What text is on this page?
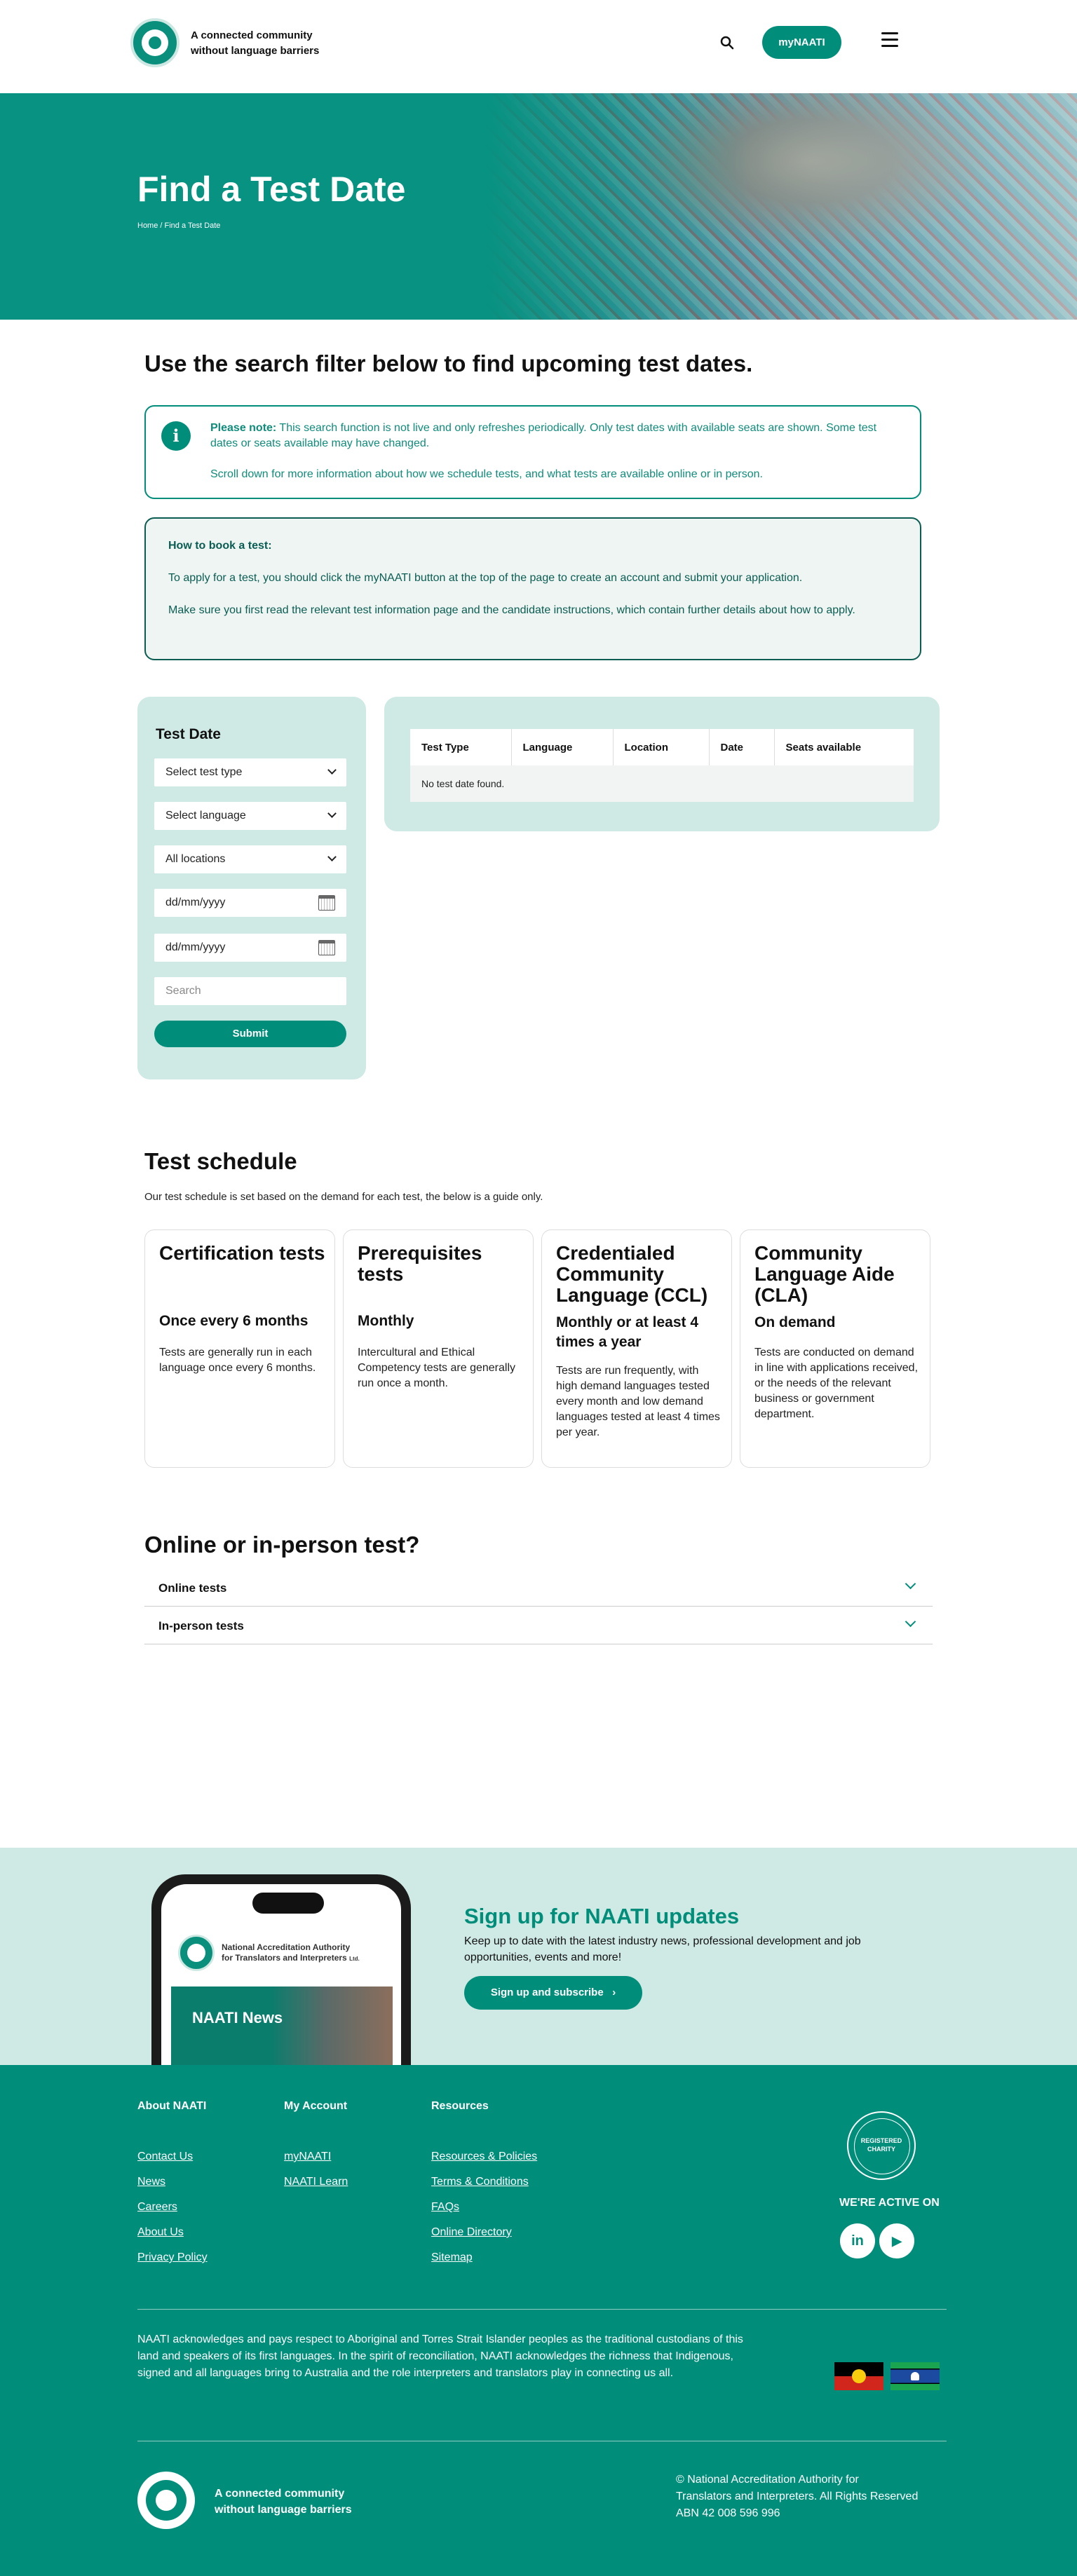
A connected community
without language barriers
myNAATI
Find a Test Date
Home / Find a Test Date
Use the search filter below to find upcoming test dates.
i	Please note: This search function is not live and only refreshes periodically. Only test dates with available seats are shown. Some test dates or seats available may have changed.
Scroll down for more information about how we schedule tests, and what tests are available online or in person.
How to book a test:
To apply for a test, you should click the myNAATI button at the top of the page to create an account and submit your application.
Make sure you first read the relevant test information page and the candidate instructions, which contain further details about how to apply.
Test Date
Select test type
Select language
All locations
dd/mm/yyyy
dd/mm/yyyy
Search
Submit
Test Type	Language	Location	Date	Seats available
No test date found.
Test schedule
Our test schedule is set based on the demand for each test, the below is a guide only.
Certification tests
Once every 6 months

Tests are generally run in each language once every 6 months.

Prerequisites tests
Monthly

Intercultural and Ethical Competency tests are generally run once a month.

Credentialed Community Language (CCL)
Monthly or at least 4 times a year

Tests are run frequently, with high demand languages tested every month and low demand languages tested at least 4 times per year.

Community Language Aide (CLA)
On demand

Tests are conducted on demand in line with applications received, or the needs of the relevant business or government department.

Online or in-person test?
Online tests
In-person tests
National Accreditation Authority
for Translators and Interpreters Ltd.
NAATI News
Sign up for NAATI updates
Keep up to date with the latest industry news, professional development and job opportunities, events and more!
Sign up and subscribe ›
About NAATI
Contact Us
News
Careers
About Us
Privacy Policy
My Account
myNAATI
NAATI Learn
Resources
Resources & Policies
Terms & Conditions
FAQs
Online Directory
Sitemap
REGISTERED
CHARITY
WE'RE ACTIVE ON
in	▶
NAATI acknowledges and pays respect to Aboriginal and Torres Strait Islander peoples as the traditional custodians of this land and speakers of its first languages. In the spirit of reconciliation, NAATI acknowledges the richness that Indigenous, signed and all languages bring to Australia and the role interpreters and translators play in connecting us all.
A connected community
without language barriers
© National Accreditation Authority for
Translators and Interpreters. All Rights Reserved
ABN 42 008 596 996
